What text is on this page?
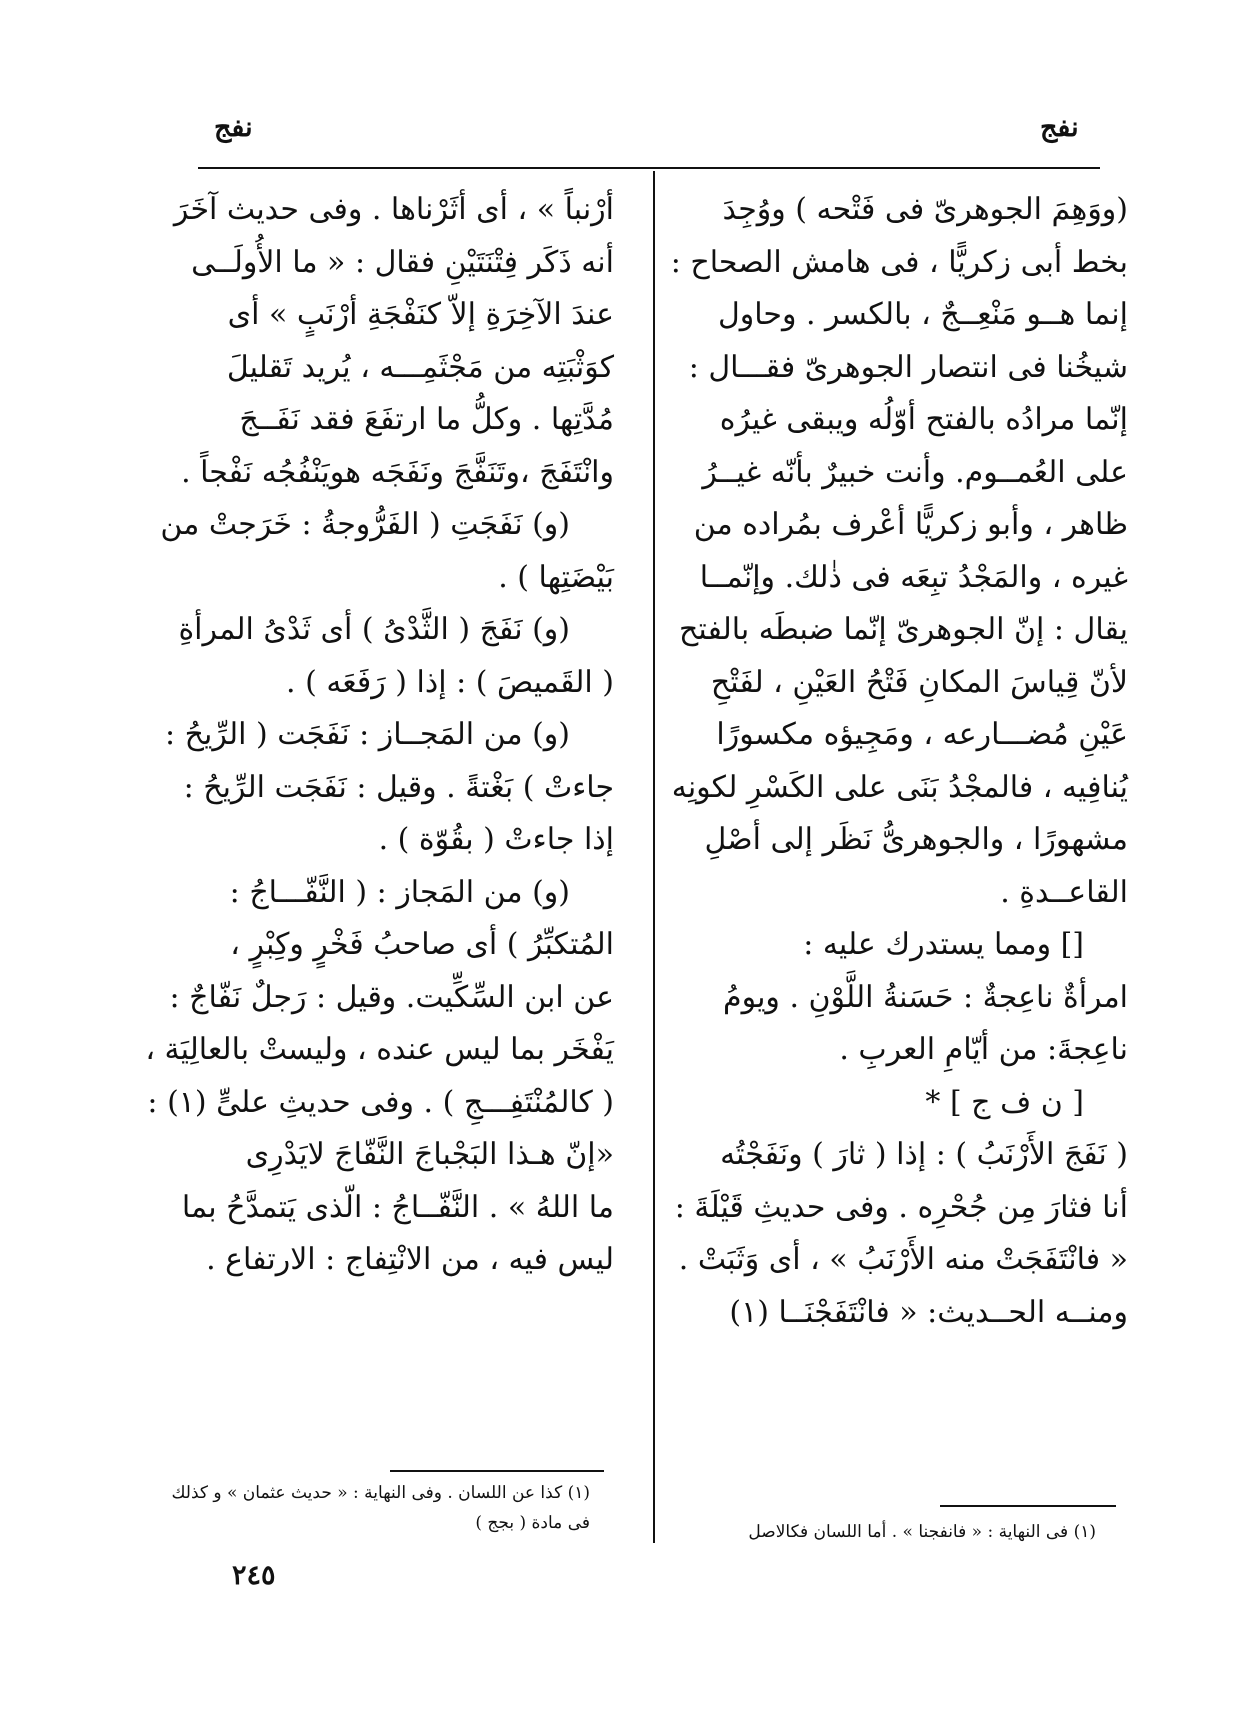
نفج
نفج
(ووَهِمَ الجوهرىّ فى فَتْحه ) ووُجِدَ
بخط أبى زكريًّا ، فى هامش الصحاح :
إنما هــو مَنْعِــجٌ ، بالكسر . وحاول
شيخُنا فى انتصار الجوهرىّ فقـــال :
إنّما مرادُه بالفتح أوّلُه ويبقى غيرُه
على العُمــوم. وأنت خبيرٌ بأنّه غيــرُ
ظاهر ، وأبو زكريًّا أعْرف بمُراده من
غيره ، والمَجْدُ تبِعَه فى ذٰلك. وإنّمــا
يقال : إنّ الجوهرىّ إنّما ضبطَه بالفتح
لأنّ قِياسَ المكانِ فَتْحُ العَيْنِ ، لفَتْحِ
عَيْنِ مُضـــارعه ، ومَجِيؤه مكسورًا
يُنافِيه ، فالمجْدُ بَنَى على الكَسْرِ لكونِه
مشهورًا ، والجوهرىُّ نَظَر إلى أصْلِ
القاعــدةِ .
[] ومما يستدرك عليه :
امرأةٌ ناعِجةٌ : حَسَنةُ اللَّوْنِ . ويومُ
ناعِجةَ: من أيّامِ العربِ .
[ ن ف ج ] *
( نَفَجَ الأَرْنَبُ ) : إذا ( ثارَ ) ونَفَجْتُه
أنا فثارَ مِن جُحْرِه . وفى حديثِ قَيْلَةَ :
« فانْتَفَجَتْ منه الأَرْنَبُ » ، أى وَثَبَتْ .
ومنــه الحــديث: « فانْتَفَجْنَــا (١)
أرْنباً » ، أى أثَرْناها . وفى حديث آخَرَ
أنه ذَكَر فِتْنَتَيْنِ فقال : « ما الأُولَــى
عندَ الآخِرَةِ إلاّ كنَفْجَةِ أرْنَبٍ » أى
كوَثْبَتِه من مَجْثَمِـــه ، يُريد تَقليلَ
مُدَّتِها . وكلُّ ما ارتفَعَ فقد نَفَــجَ
وانْتَفَجَ ،وتَنَفَّجَ ونَفَجَه هويَنْفُجُه نَفْجاً .
(و) نَفَجَتِ ( الفَرُّوجةُ : خَرَجتْ من
بَيْضَتِها ) .
(و) نَفَجَ ( الثَّدْىُ ) أى ثَدْىُ المرأةِ
( القَميصَ ) : إذا ( رَفَعَه ) .
(و) من المَجــاز : نَفَجَت ( الرِّيحُ :
جاءتْ ) بَغْتةً . وقيل : نَفَجَت الرِّيحُ :
إذا جاءتْ ( بقُوّة ) .
(و) من المَجاز : ( النَّفّـــاجُ :
المُتكبِّرُ ) أى صاحبُ فَخْرٍ وكِبْرٍ ،
عن ابن السِّكِّيت. وقيل : رَجلٌ نَفّاجٌ :
يَفْخَر بما ليس عنده ، وليستْ بالعالِيَة ،
( كالمُنْتَفِـــجِ ) . وفى حديثِ علىٍّ (١) :
«إنّ هـذا البَجْباجَ النَّفّاجَ لايَدْرِى
ما اللهُ » . النَّفّــاجُ : الّذى يَتمدَّحُ بما
ليس فيه ، من الانْتِفاج : الارتفاع .
(١) كذا عن اللسان . وفى النهاية : « حديث عثمان » و كذلك
فى مادة ( بجج )	(١) فى النهاية : « فانفجنا » . أما اللسان فكالاصل
٢٤٥
